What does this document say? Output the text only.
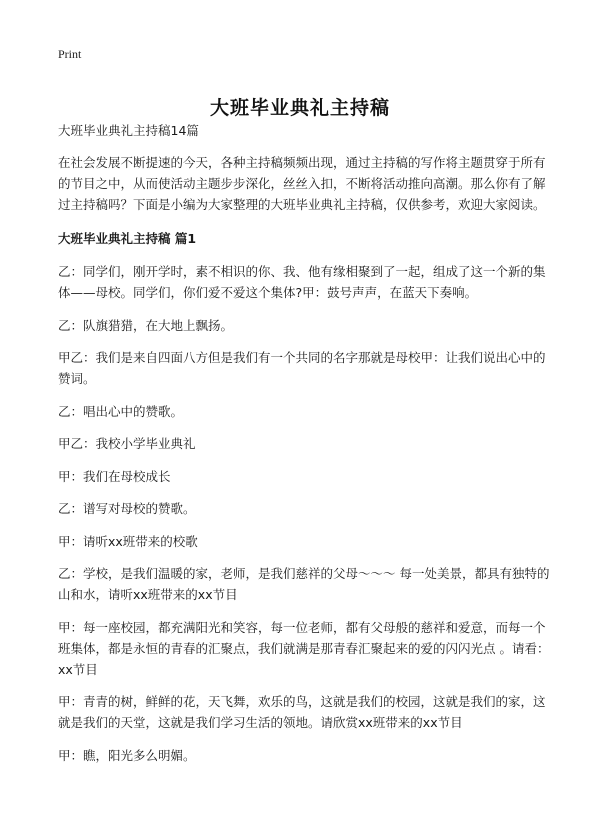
Print
大班毕业典礼主持稿

大班毕业典礼主持稿14篇

在社会发展不断提速的今天，各种主持稿频频出现，通过主持稿的写作将主题贯穿于所有的节目之中，从而使活动主题步步深化，丝丝入扣，不断将活动推向高潮。那么你有了解过主持稿吗？下面是小编为大家整理的大班毕业典礼主持稿，仅供参考，欢迎大家阅读。

大班毕业典礼主持稿 篇1

乙：同学们，刚开学时，素不相识的你、我、他有缘相聚到了一起，组成了这一个新的集体——母校。同学们，你们爱不爱这个集体?甲：鼓号声声，在蓝天下奏响。

乙：队旗猎猎，在大地上飘扬。

甲乙：我们是来自四面八方但是我们有一个共同的名字那就是母校甲：让我们说出心中的赞词。

乙：唱出心中的赞歌。

甲乙：我校小学毕业典礼

甲：我们在母校成长

乙：谱写对母校的赞歌。

甲：请听xx班带来的校歌

乙：学校，是我们温暖的家，老师，是我们慈祥的父母～～～ 每一处美景，都具有独特的山和水，请听xx班带来的xx节目

甲：每一座校园，都充满阳光和笑容，每一位老师，都有父母般的慈祥和爱意，而每一个班集体，都是永恒的青春的汇聚点，我们就满是那青春汇聚起来的爱的闪闪光点 。请看：xx节目

甲：青青的树，鲜鲜的花，天飞舞，欢乐的鸟，这就是我们的校园，这就是我们的家，这就是我们的天堂，这就是我们学习生活的领地。请欣赏xx班带来的xx节目

甲：瞧，阳光多么明媚。
